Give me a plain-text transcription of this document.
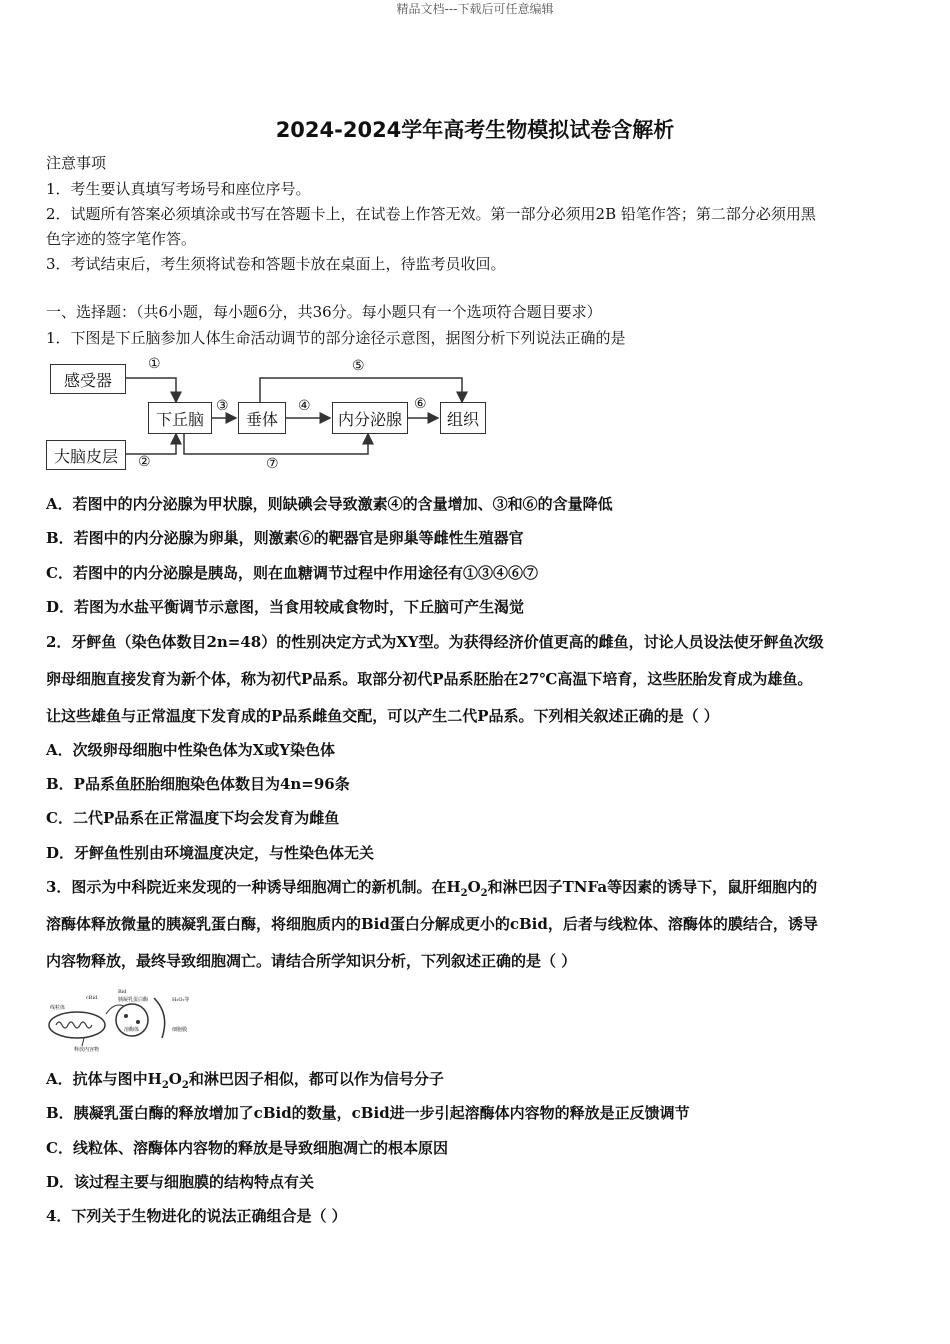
精品文档---下载后可任意编辑
2024-2024学年高考生物模拟试卷含解析
注意事项
1．考生要认真填写考场号和座位序号。
2．试题所有答案必须填涂或书写在答题卡上，在试卷上作答无效。第一部分必须用2B 铅笔作答；第二部分必须用黑
色字迹的签字笔作答。
3．考试结束后，考生须将试卷和答题卡放在桌面上，待监考员收回。
一、选择题：（共6小题，每小题6分，共36分。每小题只有一个选项符合题目要求）
1．下图是下丘脑参加人体生命活动调节的部分途径示意图，据图分析下列说法正确的是
感受器
大脑皮层
下丘脑	垂体	内分泌腺	组织
①
②
③	④
⑤
⑥
⑦
A．若图中的内分泌腺为甲状腺，则缺碘会导致激素④的含量增加、③和⑥的含量降低
B．若图中的内分泌腺为卵巢，则激素⑥的靶器官是卵巢等雌性生殖器官
C．若图中的内分泌腺是胰岛，则在血糖调节过程中作用途径有①③④⑥⑦
D．若图为水盐平衡调节示意图，当食用较咸食物时，下丘脑可产生渴觉
2．牙鲆鱼（染色体数目2n=48）的性别决定方式为XY型。为获得经济价值更高的雌鱼，讨论人员设法使牙鲆鱼次级
卵母细胞直接发育为新个体，称为初代P品系。取部分初代P品系胚胎在27℃高温下培育，这些胚胎发育成为雄鱼。
让这些雄鱼与正常温度下发育成的P品系雌鱼交配，可以产生二代P品系。下列相关叙述正确的是（ ）
A．次级卵母细胞中性染色体为X或Y染色体
B．P品系鱼胚胎细胞染色体数目为4n=96条
C．二代P品系在正常温度下均会发育为雌鱼
D．牙鲆鱼性别由环境温度决定，与性染色体无关
3．图示为中科院近来发现的一种诱导细胞凋亡的新机制。在$H_2O_2$和淋巴因子TNFa等因素的诱导下，鼠肝细胞内的
溶酶体释放微量的胰凝乳蛋白酶，将细胞质内的Bid蛋白分解成更小的cBid，后者与线粒体、溶酶体的膜结合，诱导
内容物释放，最终导致细胞凋亡。请结合所学知识分析，下列叙述正确的是（ ）
线粒体
cBid
Bid
胰凝乳蛋白酶
溶酶体
释放内容物
H₂O₂等
细胞膜
A．抗体与图中$H_2O_2$和淋巴因子相似，都可以作为信号分子
B．胰凝乳蛋白酶的释放增加了cBid的数量，cBid进一步引起溶酶体内容物的释放是正反馈调节
C．线粒体、溶酶体内容物的释放是导致细胞凋亡的根本原因
D．该过程主要与细胞膜的结构特点有关
4．下列关于生物进化的说法正确组合是（ ）
